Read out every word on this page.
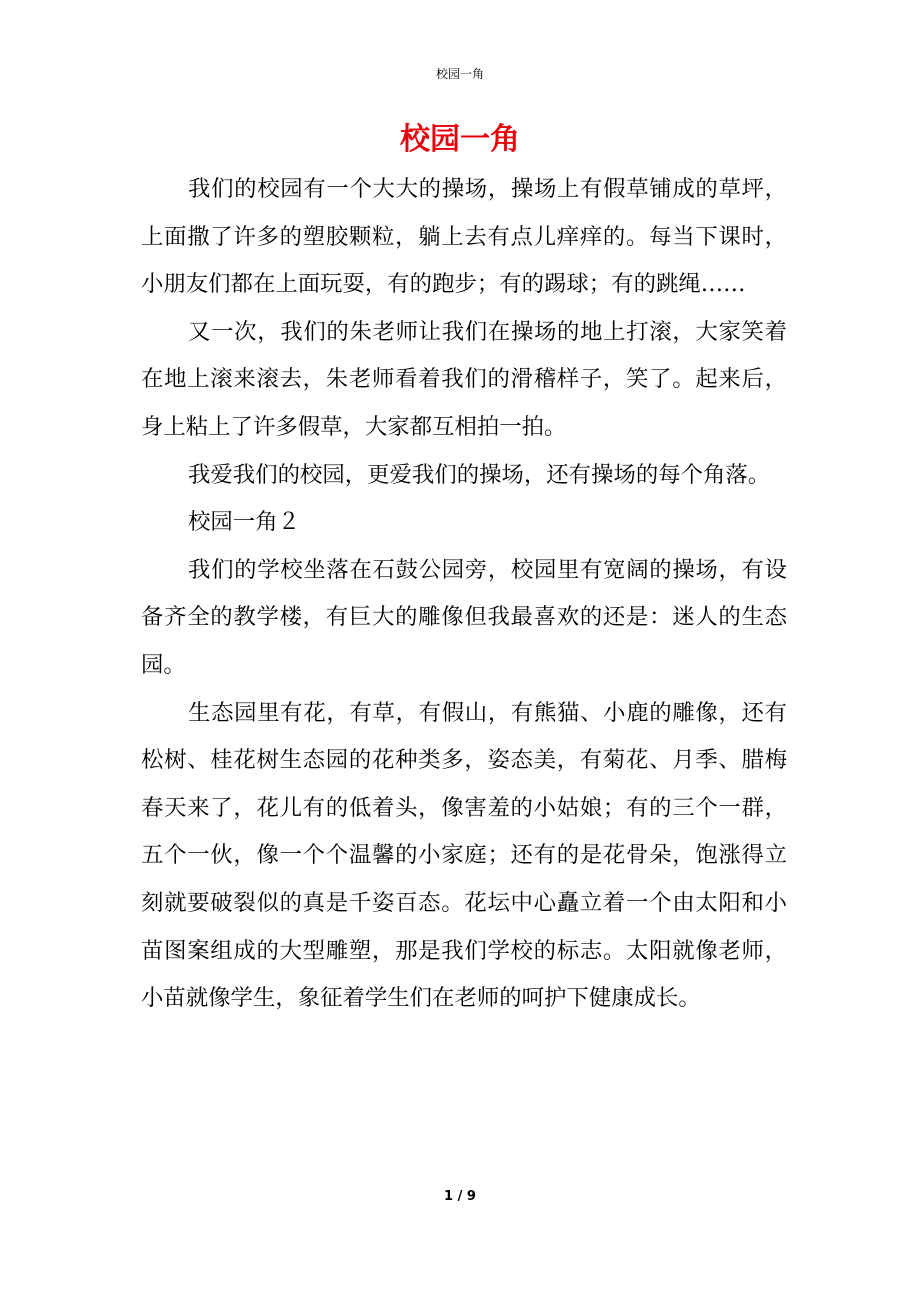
校园一角
校园一角

我们的校园有一个大大的操场，操场上有假草铺成的草坪，上面撒了许多的塑胶颗粒，躺上去有点儿痒痒的。每当下课时，小朋友们都在上面玩耍，有的跑步；有的踢球；有的跳绳……

又一次，我们的朱老师让我们在操场的地上打滚，大家笑着在地上滚来滚去，朱老师看着我们的滑稽样子，笑了。起来后，身上粘上了许多假草，大家都互相拍一拍。

我爱我们的校园，更爱我们的操场，还有操场的每个角落。

校园一角２

我们的学校坐落在石鼓公园旁，校园里有宽阔的操场，有设备齐全的教学楼，有巨大的雕像但我最喜欢的还是：迷人的生态园。

生态园里有花，有草，有假山，有熊猫、小鹿的雕像，还有松树、桂花树生态园的花种类多，姿态美，有菊花、月季、腊梅春天来了，花儿有的低着头，像害羞的小姑娘；有的三个一群，五个一伙，像一个个温馨的小家庭；还有的是花骨朵，饱涨得立刻就要破裂似的真是千姿百态。花坛中心矗立着一个由太阳和小苗图案组成的大型雕塑，那是我们学校的标志。太阳就像老师，小苗就像学生，象征着学生们在老师的呵护下健康成长。

1 / 9
